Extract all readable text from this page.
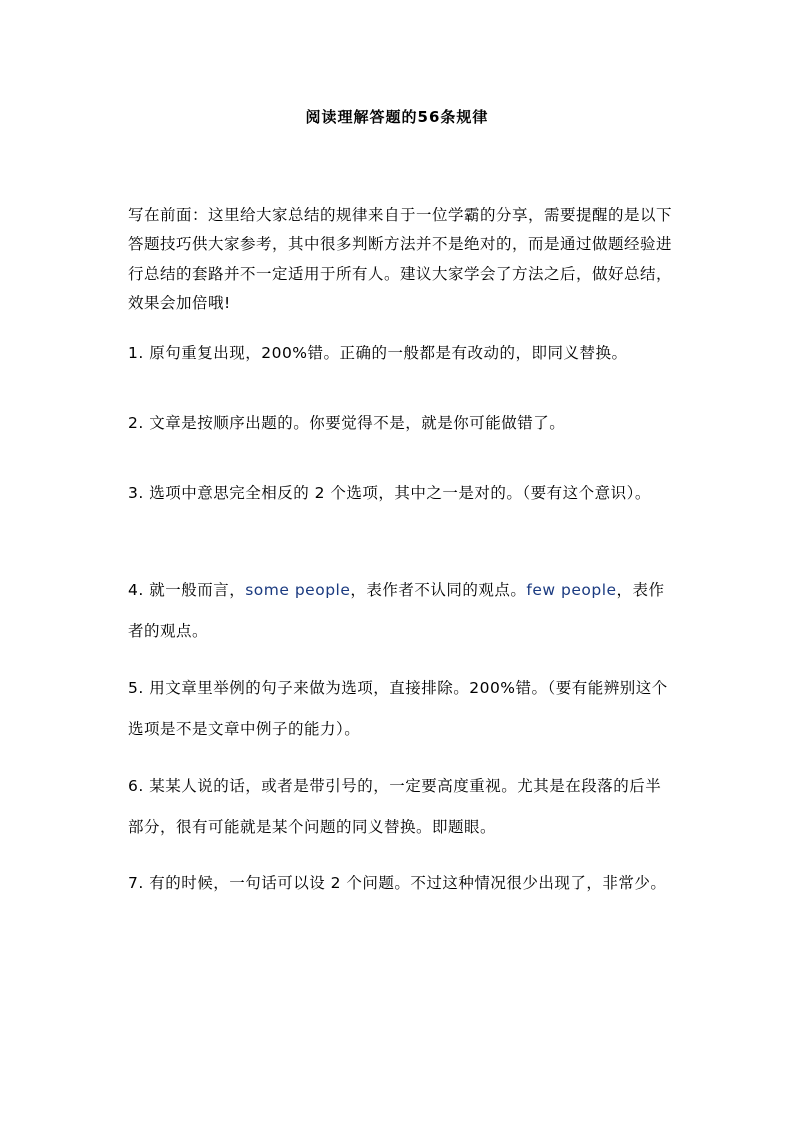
阅读理解答题的56条规律
写在前面：这里给大家总结的规律来自于一位学霸的分享，需要提醒的是以下答题技巧供大家参考，其中很多判断方法并不是绝对的，而是通过做题经验进行总结的套路并不一定适用于所有人。建议大家学会了方法之后，做好总结，效果会加倍哦!
1. 原句重复出现，200%错。正确的一般都是有改动的，即同义替换。
2. 文章是按顺序出题的。你要觉得不是，就是你可能做错了。
3. 选项中意思完全相反的 2 个选项，其中之一是对的。（要有这个意识）。
4. 就一般而言，some people，表作者不认同的观点。few people，表作者的观点。
5. 用文章里举例的句子来做为选项，直接排除。200%错。（要有能辨别这个选项是不是文章中例子的能力）。
6. 某某人说的话，或者是带引号的，一定要高度重视。尤其是在段落的后半部分，很有可能就是某个问题的同义替换。即题眼。
7. 有的时候，一句话可以设 2 个问题。不过这种情况很少出现了，非常少。
